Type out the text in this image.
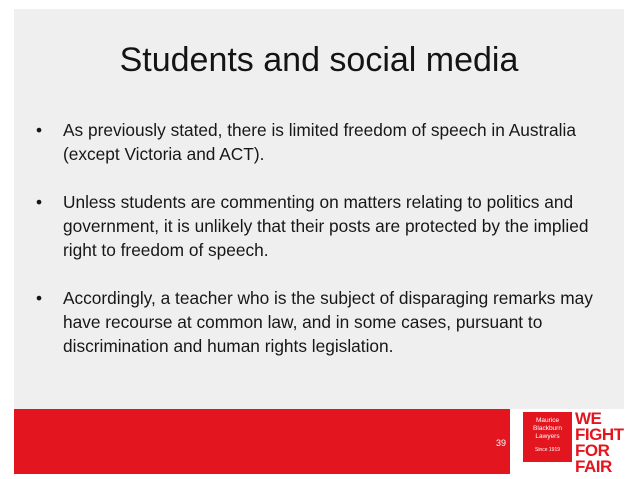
Students and social media
• As previously stated, there is limited freedom of speech in Australia (except Victoria and ACT).
• Unless students are commenting on matters relating to politics and government, it is unlikely that their posts are protected by the implied right to freedom of speech.
• Accordingly, a teacher who is the subject of disparaging remarks may have recourse at common law, and in some cases, pursuant to discrimination and human rights legislation.
39
Maurice
Blackburn
Lawyers
Since 1919
WE
FIGHT
FOR
FAIR
